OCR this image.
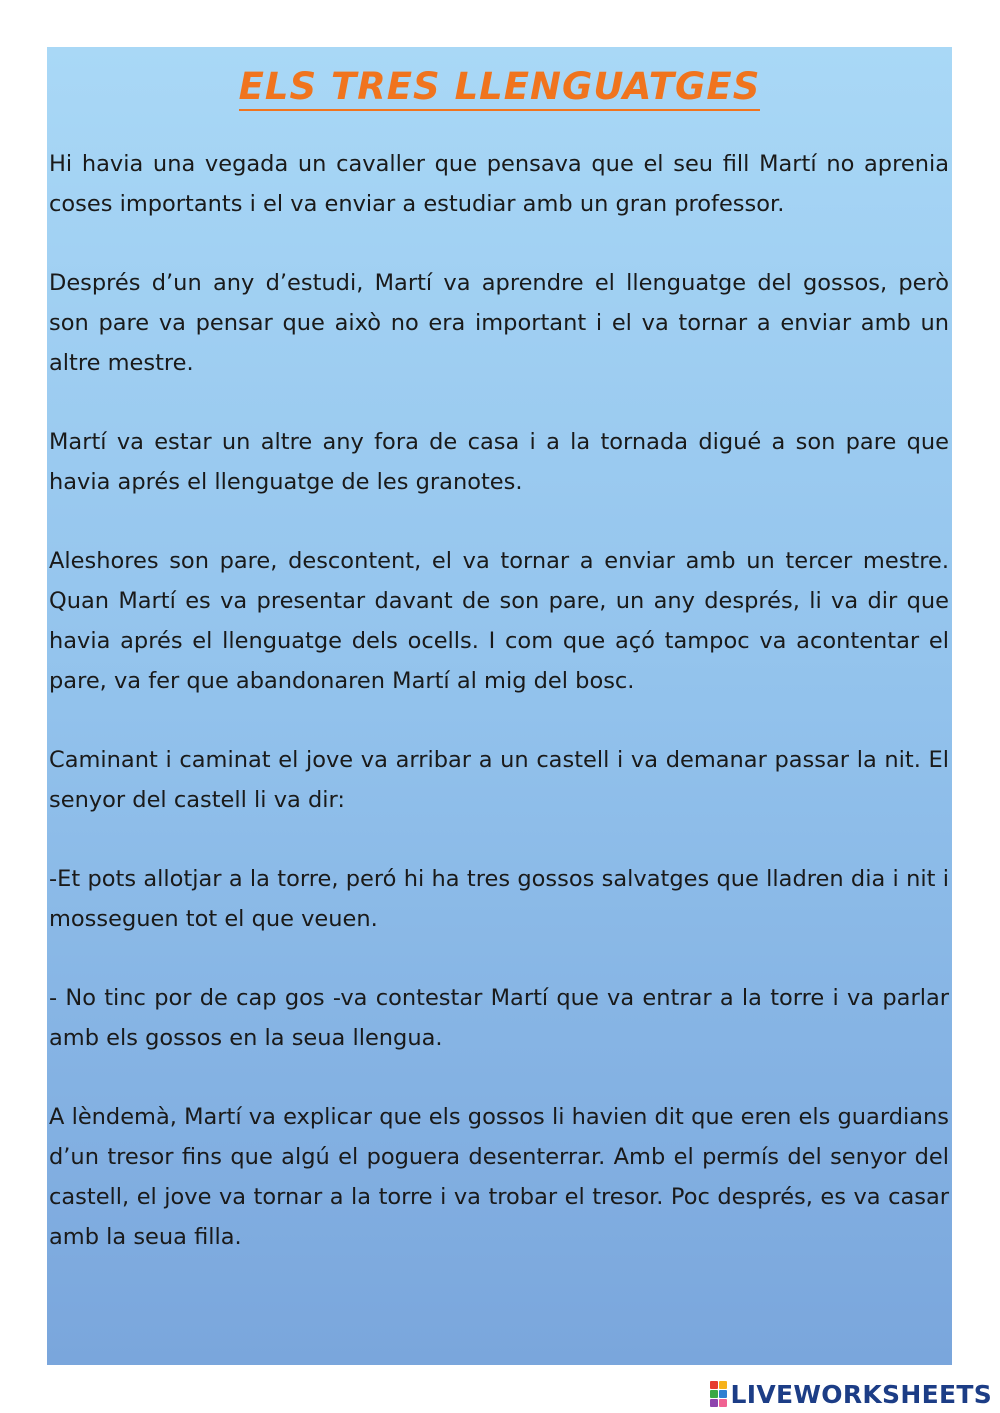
ELS TRES LLENGUATGES

Hi havia una vegada un cavaller que pensava que el seu fill Martí no aprenia coses importants i el va enviar a estudiar amb un gran professor.

Després d’un any d’estudi, Martí va aprendre el llenguatge del gossos, però son pare va pensar que això no era important i el va tornar a enviar amb un altre mestre.

Martí va estar un altre any fora de casa i a la tornada digué a son pare que havia aprés el llenguatge de les granotes.

Aleshores son pare, descontent, el va tornar a enviar amb un tercer mestre. Quan Martí es va presentar davant de son pare, un any després, li va dir que havia aprés el llenguatge dels ocells. I com que açó tampoc va acontentar el pare, va fer que abandonaren Martí al mig del bosc.

Caminant i caminat el jove va arribar a un castell i va demanar passar la nit. El senyor del castell li va dir:

-Et pots allotjar a la torre, peró hi ha tres gossos salvatges que lladren dia i nit i mosseguen tot el que veuen.

- No tinc por de cap gos -va contestar Martí que va entrar a la torre i va parlar amb els gossos en la seua llengua.

A lèndemà, Martí va explicar que els gossos li havien dit que eren els guardians d’un tresor fins que algú el poguera desenterrar. Amb el permís del senyor del castell, el jove va tornar a la torre i va trobar el tresor. Poc després, es va casar amb la seua filla.

LIVEWORKSHEETS
